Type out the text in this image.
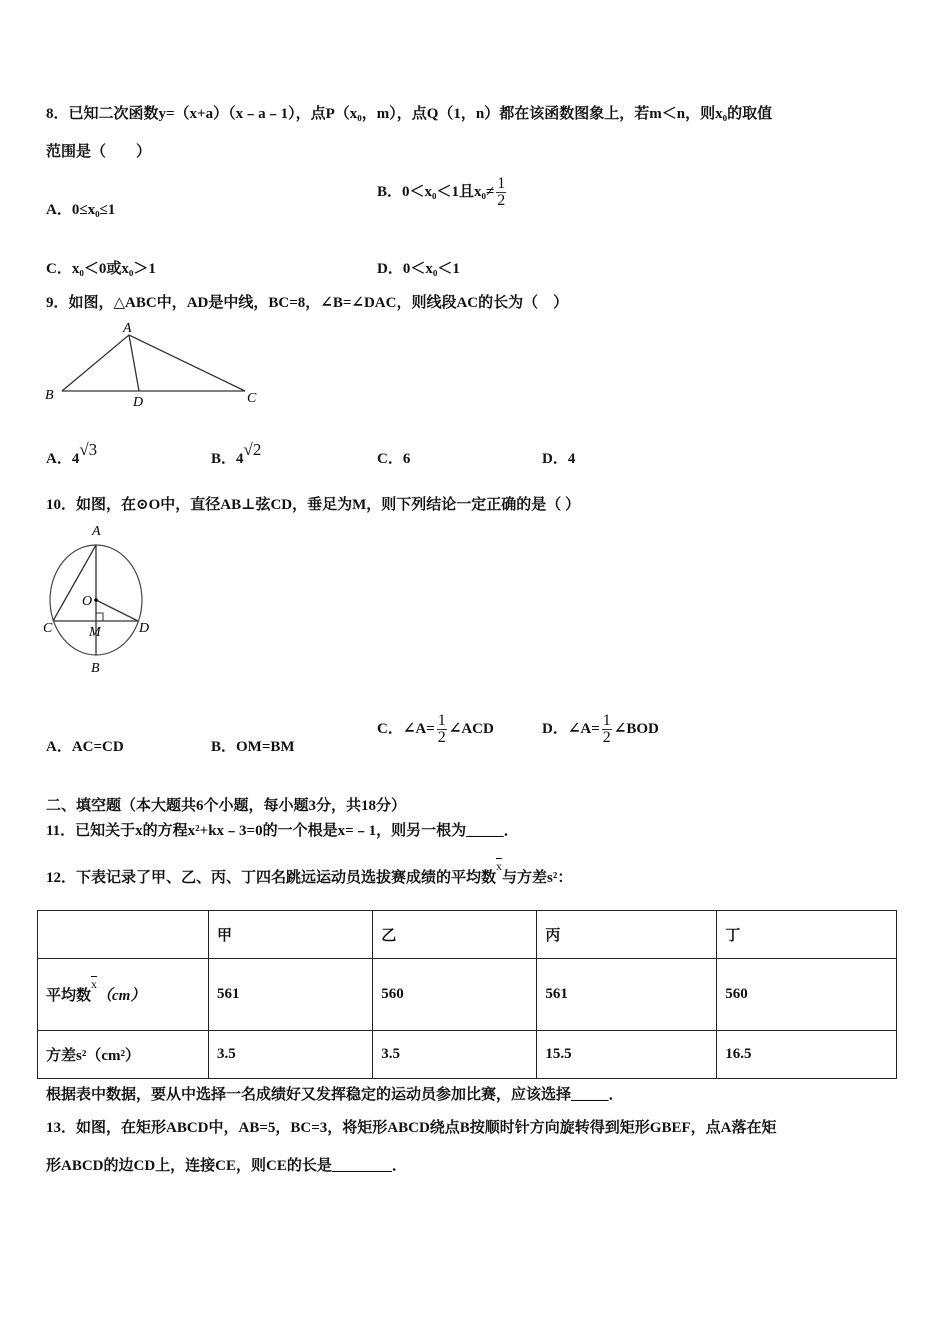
8．已知二次函数y=（x+a）（x﹣a﹣1），点P（x₀，m），点Q（1，n）都在该函数图象上，若m＜n，则x₀的取值
范围是（　　）
A．0≤x₀≤1
B．0＜x₀＜1且$x_0\ne \frac{1}{2}$
C．x₀＜0或x₀＞1	D．0＜x₀＜1
9．如图，△ABC中，AD是中线，BC=8，∠B=∠DAC，则线段AC的长为（　）
A
B	C
D
A．4√3	B．4√2	C．6	D．4
10．如图，在⊙O中，直径AB⊥弦CD，垂足为M，则下列结论一定正确的是（ ）
A
O
C	D
M
B
A．AC=CD	B．OM=BM
C．∠A= $\frac{1}{2}$ ∠ACD	D．∠A= $\frac{1}{2}$ ∠BOD
二、填空题（本大题共6个小题，每小题3分，共18分）
11．已知关于x的方程x²+kx﹣3=0的一个根是x=﹣1，则另一根为_____．
12．下表记录了甲、乙、丙、丁四名跳远运动员选拔赛成绩的平均数$^{\overline{x}}$与方差s²：
	甲	乙	丙	丁
平均数$^{\overline{x}}$（cm）	561	560	561	560
方差s²（cm²）	3.5	3.5	15.5	16.5
根据表中数据，要从中选择一名成绩好又发挥稳定的运动员参加比赛，应该选择_____．
13．如图，在矩形ABCD中，AB=5，BC=3，将矩形ABCD绕点B按顺时针方向旋转得到矩形GBEF，点A落在矩
形ABCD的边CD上，连接CE，则CE的长是________．
